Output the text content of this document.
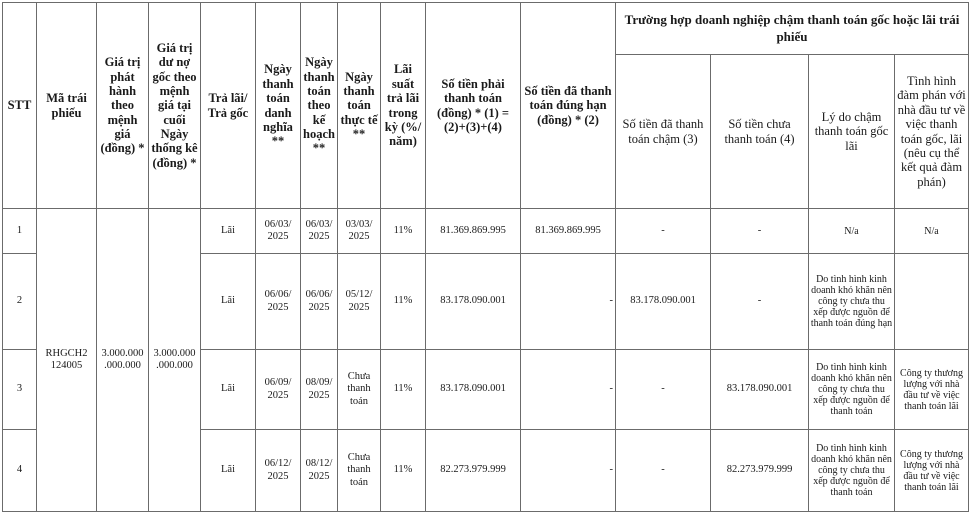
STT	Mã trái phiếu	Giá trị phát hành theo mệnh giá (đồng) *	Giá trị dư nợ gốc theo mệnh giá tại cuối Ngày thống kê (đồng) *	Trả lãi/ Trả gốc	Ngày thanh toán danh nghĩa **	Ngày thanh toán theo kế hoạch **	Ngày thanh toán thực tế **	Lãi suất trả lãi trong kỳ (%/ năm)	Số tiền phải thanh toán (đồng) * (1) = (2)+(3)+(4)	Số tiền đã thanh toán đúng hạn (đồng) * (2)	Trường hợp doanh nghiệp chậm thanh toán gốc hoặc lãi trái phiếu			
											Số tiền đã thanh toán chậm (3)	Số tiền chưa thanh toán (4)	Lý do chậm thanh toán gốc lãi	Tình hình đàm phán với nhà đầu tư về việc thanh toán gốc, lãi (nêu cụ thể kết quả đàm phán)
1	RHGCH2 124005	3.000.000 .000.000	3.000.000 .000.000	Lãi	06/03/ 2025	06/03/ 2025	03/03/ 2025	11%	81.369.869.995	81.369.869.995	-	-	N/a	N/a
2				Lãi	06/06/ 2025	06/06/ 2025	05/12/ 2025	11%	83.178.090.001	-	83.178.090.001	-	Do tình hình kinh doanh khó khăn nên công ty chưa thu xếp được nguồn để thanh toán đúng hạn	
3				Lãi	06/09/ 2025	08/09/ 2025	Chưa thanh toán	11%	83.178.090.001	-	-	83.178.090.001	Do tình hình kinh doanh khó khăn nên công ty chưa thu xếp được nguồn để thanh toán	Công ty thương lượng với nhà đầu tư về việc thanh toán lãi
4				Lãi	06/12/ 2025	08/12/ 2025	Chưa thanh toán	11%	82.273.979.999	-	-	82.273.979.999	Do tình hình kinh doanh khó khăn nên công ty chưa thu xếp được nguồn để thanh toán	Công ty thương lượng với nhà đầu tư về việc thanh toán lãi
